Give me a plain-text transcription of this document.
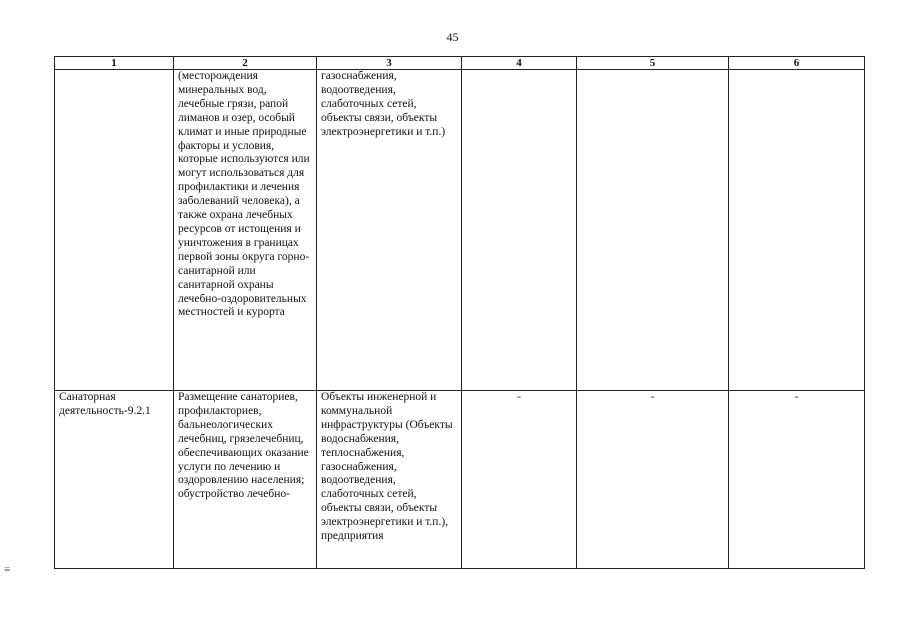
45
1	2	3	4	5	6
	(месторождения минеральных вод, лечебные грязи, рапой лиманов и озер, особый климат и иные природные факторы и условия, которые используются или могут использоваться для профилактики и лечения заболеваний человека), а также охрана лечебных ресурсов от истощения и уничтожения в границах первой зоны округа горно-санитарной или санитарной охраны лечебно-оздоровительных местностей и курорта	газоснабжения, водоотведения, слаботочных сетей, объекты связи, объекты электроэнергетики и т.п.)			
Санаторная деятельность-9.2.1	Размещение санаториев, профилакториев, бальнеологических лечебниц, грязелечебниц, обеспечивающих оказание услуги по лечению и оздоровлению населения; обустройство лечебно-	Объекты инженерной и коммунальной инфраструктуры (Объекты водоснабжения, теплоснабжения, газоснабжения, водоотведения, слаботочных сетей, объекты связи, объекты электроэнергетики и т.п.), предприятия	-	-	-
≡
